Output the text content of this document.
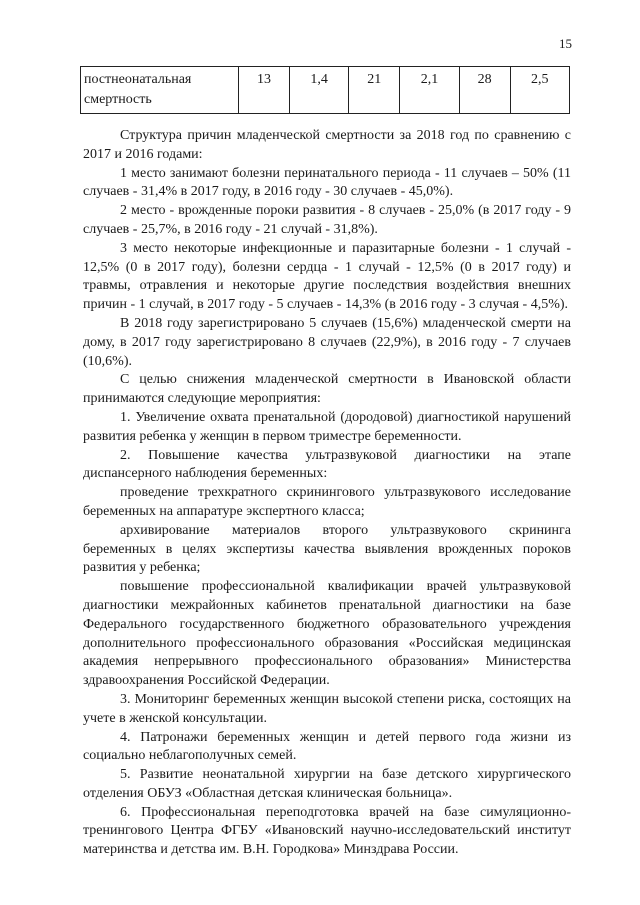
15
постнеонатальная смертность	13	1,4	21	2,1	28	2,5

Структура причин младенческой смертности за 2018 год по сравнению с 2017 и 2016 годами:

1 место занимают болезни перинатального периода - 11 случаев – 50% (11 случаев - 31,4% в 2017 году, в 2016 году - 30 случаев - 45,0%).

2 место - врожденные пороки развития - 8 случаев - 25,0% (в 2017 году - 9 случаев - 25,7%, в 2016 году - 21 случай - 31,8%).

3 место некоторые инфекционные и паразитарные болезни - 1 случай - 12,5% (0 в 2017 году), болезни сердца - 1 случай - 12,5% (0 в 2017 году) и травмы, отравления и некоторые другие последствия воздействия внешних причин - 1 случай, в 2017 году - 5 случаев - 14,3% (в 2016 году - 3 случая - 4,5%).

В 2018 году зарегистрировано 5 случаев (15,6%) младенческой смерти на дому, в 2017 году зарегистрировано 8 случаев (22,9%), в 2016 году - 7 случаев (10,6%).

С целью снижения младенческой смертности в Ивановской области принимаются следующие мероприятия:

1. Увеличение охвата пренатальной (дородовой) диагностикой нарушений развития ребенка у женщин в первом триместре беременности.

2. Повышение качества ультразвуковой диагностики на этапе диспансерного наблюдения беременных:

проведение трехкратного скринингового ультразвукового исследование беременных на аппаратуре экспертного класса;

архивирование материалов второго ультразвукового скрининга беременных в целях экспертизы качества выявления врожденных пороков развития у ребенка;

повышение профессиональной квалификации врачей ультразвуковой диагностики межрайонных кабинетов пренатальной диагностики на базе Федерального государственного бюджетного образовательного учреждения дополнительного профессионального образования «Российская медицинская академия непрерывного профессионального образования» Министерства здравоохранения Российской Федерации.

3. Мониторинг беременных женщин высокой степени риска, состоящих на учете в женской консультации.

4. Патронажи беременных женщин и детей первого года жизни из социально неблагополучных семей.

5. Развитие неонатальной хирургии на базе детского хирургического отделения ОБУЗ «Областная детская клиническая больница».

6. Профессиональная переподготовка врачей на базе симуляционно-тренингового Центра ФГБУ «Ивановский научно-исследовательский институт материнства и детства им. В.Н. Городкова» Минздрава России.
